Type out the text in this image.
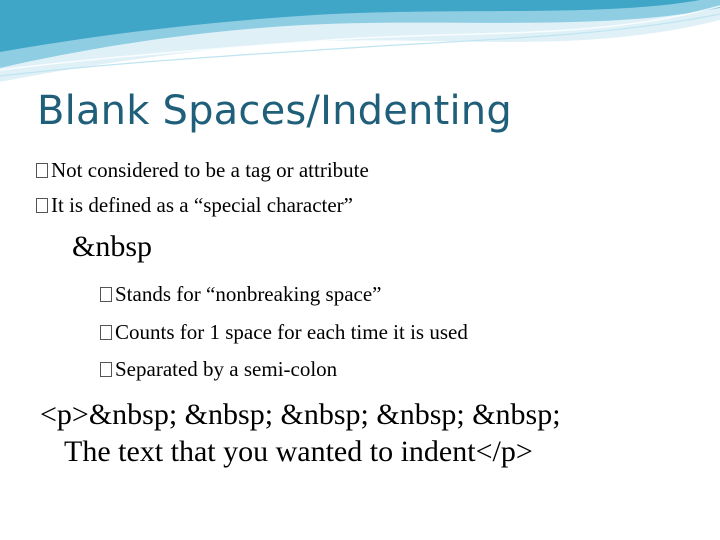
Blank Spaces/Indenting
Not considered to be a tag or attribute
It is defined as a “special character”
&nbsp
Stands for “nonbreaking space”
Counts for 1 space for each time it is used
Separated by a semi-colon
<p>&nbsp; &nbsp; &nbsp; &nbsp; &nbsp;
The text that you wanted to indent</p>
